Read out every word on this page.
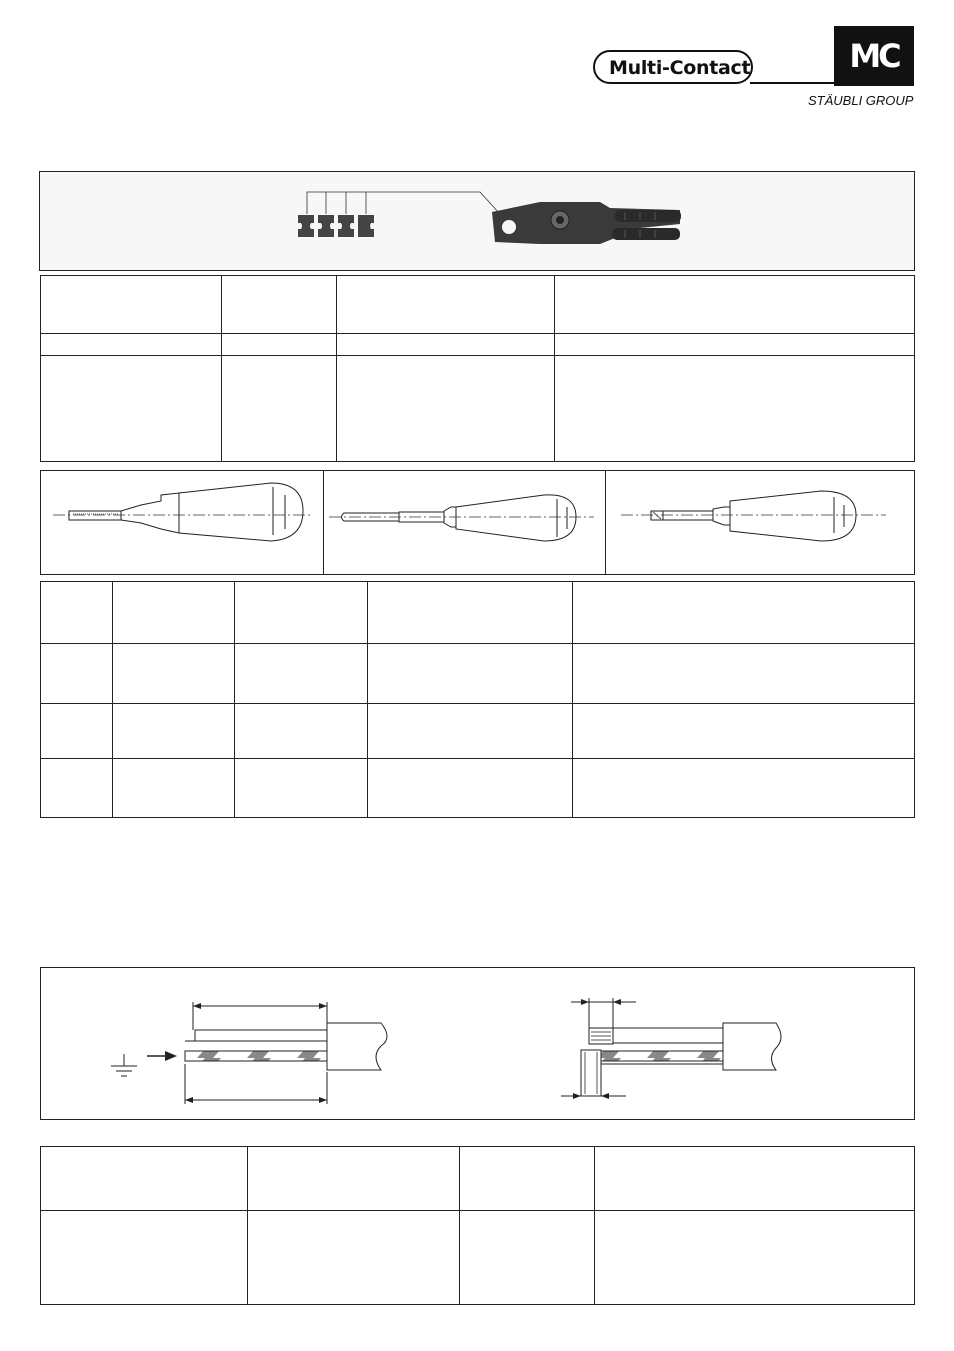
Multi-Contact	MC
STÄUBLI GROUP
